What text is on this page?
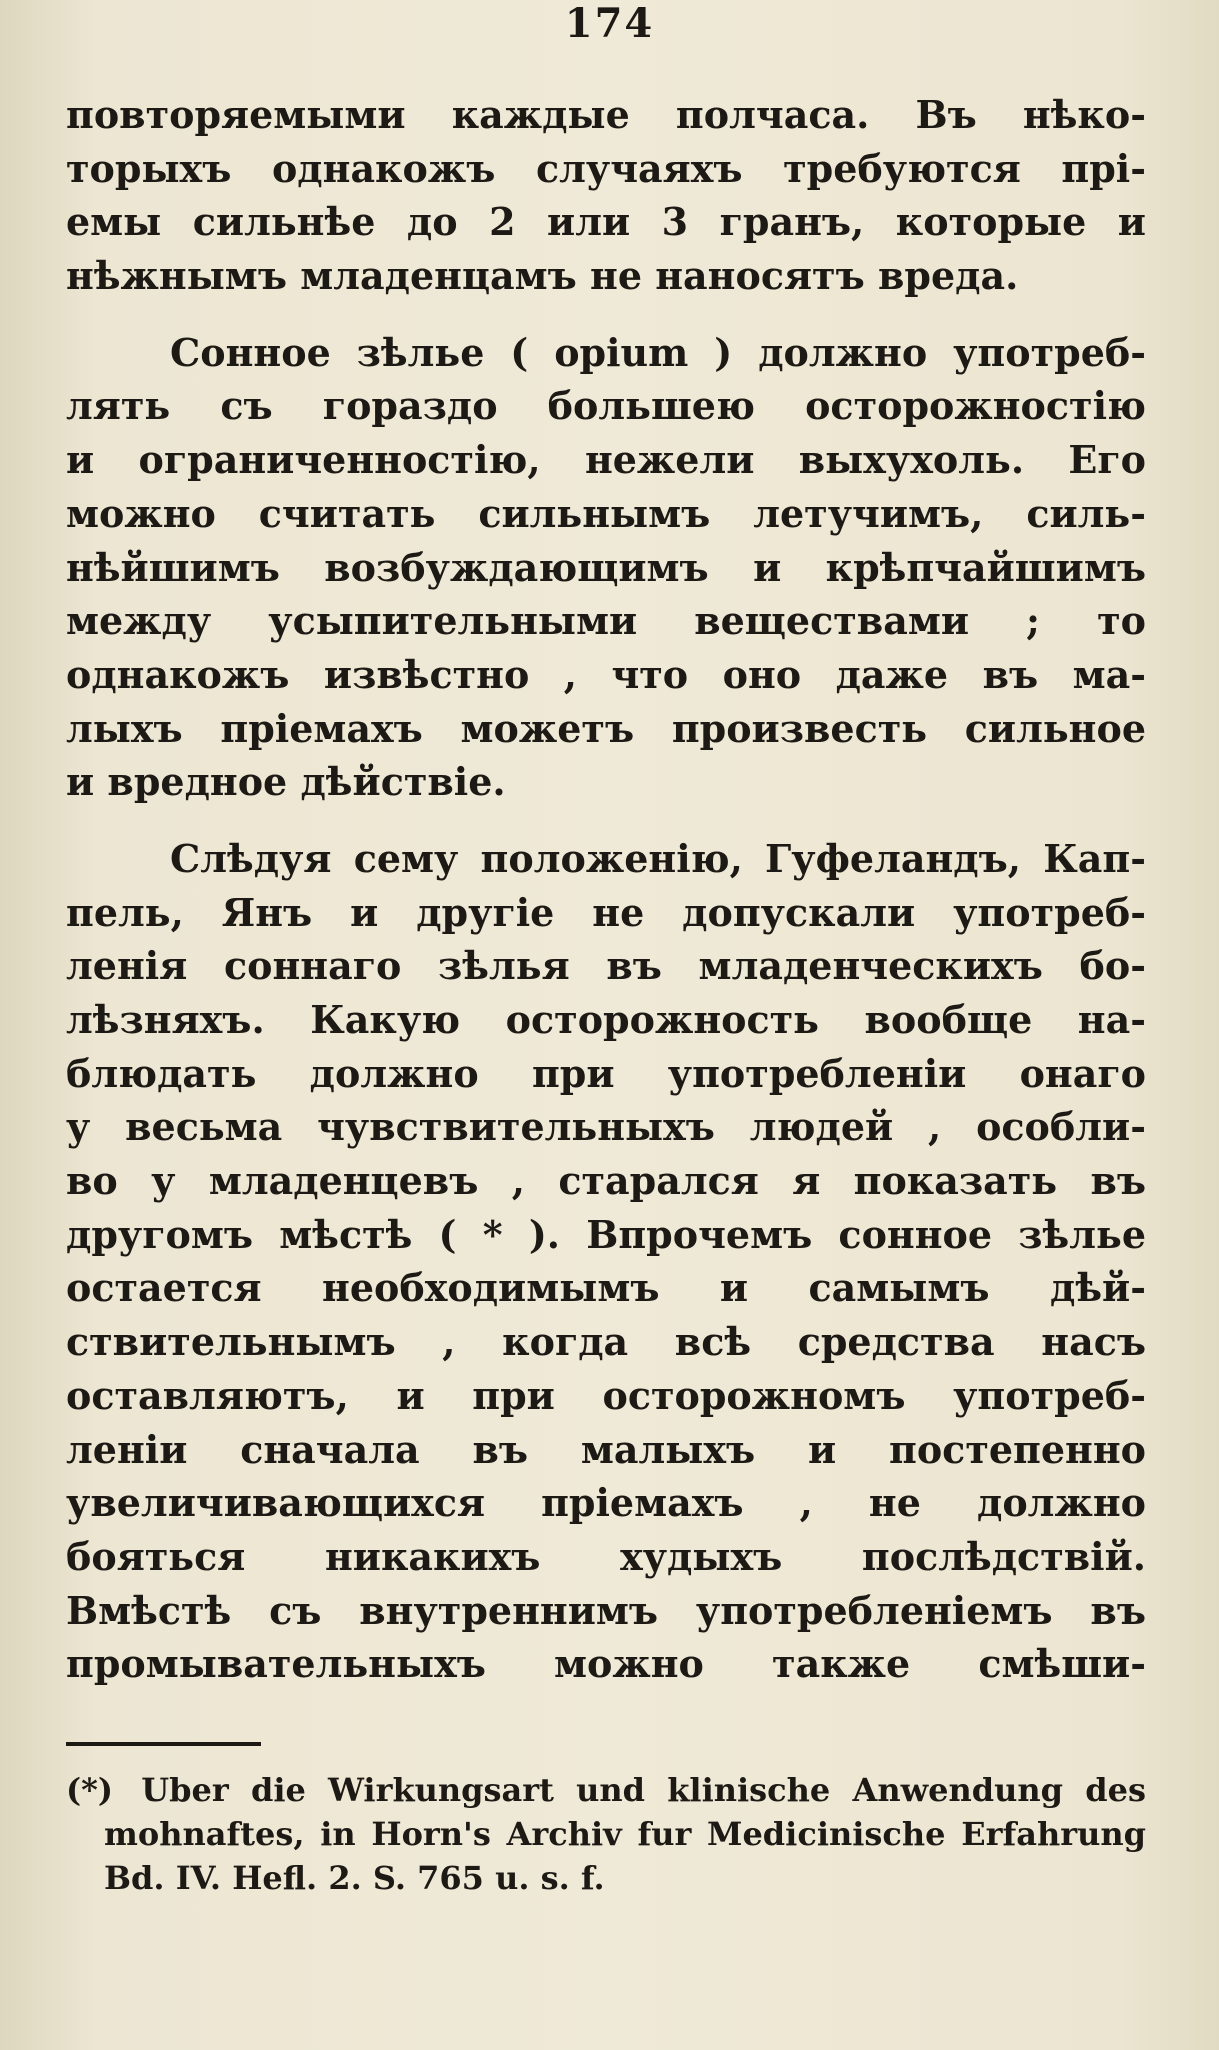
174

повторяемыми каждые полчаса. Въ нѣко-
торыхъ однакожъ случаяхъ требуются прі-
емы сильнѣе до 2 или 3 гранъ, которые и
нѣжнымъ младенцамъ не наносятъ вреда.

Сонное зѣлье ( opium ) должно употреб-
лять съ гораздо большею осторожностію
и ограниченностію, нежели выхухоль. Его
можно считать сильнымъ летучимъ, силь-
нѣйшимъ возбуждающимъ и крѣпчайшимъ
между усыпительными веществами ; то
однакожъ извѣстно , что оно даже въ ма-
лыхъ пріемахъ можетъ произвесть сильное
и вредное дѣйствіе.

Слѣдуя сему положенію, Гуфеландъ, Кап-
пель, Янъ и другіе не допускали употреб-
ленія соннаго зѣлья въ младенческихъ бо-
лѣзняхъ. Какую осторожность вообще на-
блюдать должно при употребленіи онаго
у весьма чувствительныхъ людей , особли-
во у младенцевъ , старался я показать въ
другомъ мѣстѣ ( * ). Впрочемъ сонное зѣлье
остается необходимымъ и самымъ дѣй-
ствительнымъ , когда всѣ средства насъ
оставляютъ, и при осторожномъ употреб-
леніи сначала въ малыхъ и постепенно
увеличивающихся пріемахъ , не должно
бояться никакихъ худыхъ послѣдствій.
Вмѣстѣ съ внутреннимъ употребленіемъ въ
промывательныхъ можно также смѣши-

(*) Uber die Wirkungsart und klinische Anwendung des
mohnaftes, in Horn's Archiv fur Medicinische Erfahrung
Bd. IV. Hefl. 2. S. 765 u. s. f.
